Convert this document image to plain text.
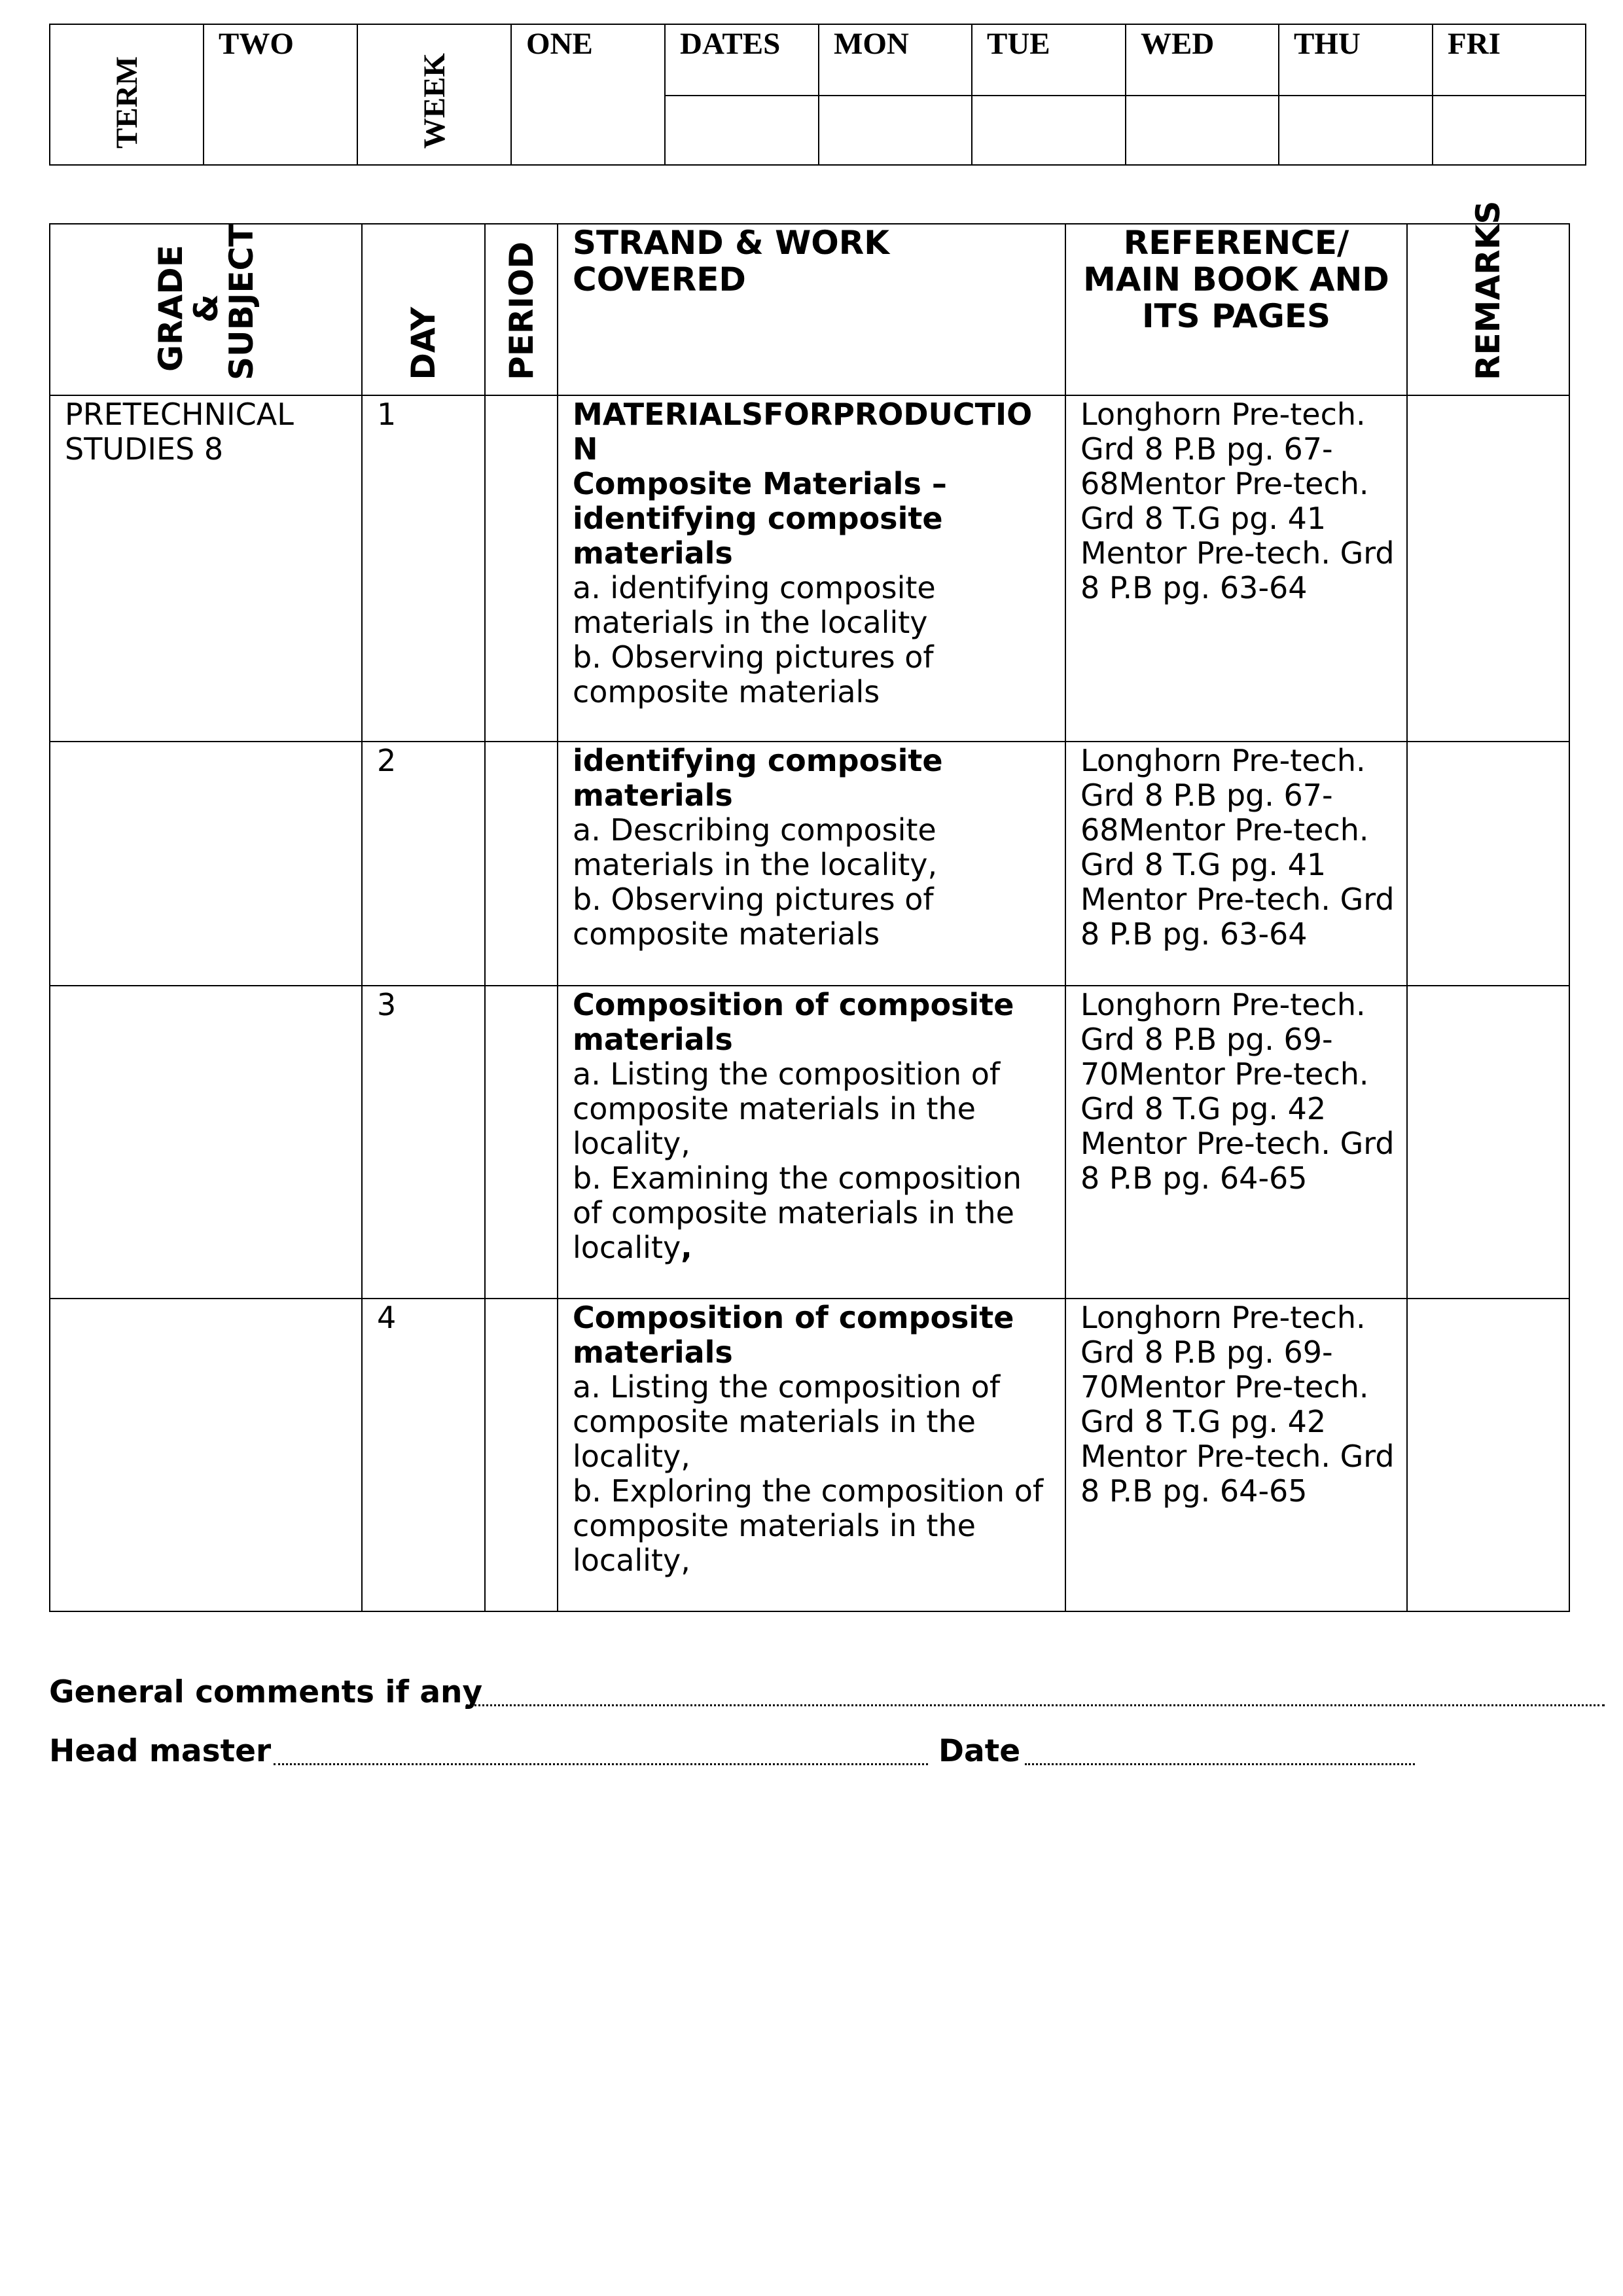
TERM	TWO	WEEK	ONE	DATES	MON	TUE	WED	THU	FRI

GRADE & SUBJECT	DAY	PERIOD	STRAND & WORK COVERED	REFERENCE/ MAIN BOOK AND ITS PAGES	REMARKS

PRETECHNICAL STUDIES 8	1		MATERIALSFORPRODUCTION
Composite Materials – identifying composite materials
a. identifying composite materials in the locality
b. Observing pictures of composite materials	Longhorn Pre-tech. Grd 8 P.B pg. 67-68Mentor Pre-tech. Grd 8 T.G pg. 41 Mentor Pre-tech. Grd 8 P.B pg. 63-64	
	2		identifying composite materials
a. Describing composite materials in the locality,
b. Observing pictures of composite materials	Longhorn Pre-tech. Grd 8 P.B pg. 67-68Mentor Pre-tech. Grd 8 T.G pg. 41 Mentor Pre-tech. Grd 8 P.B pg. 63-64	
	3		Composition of composite materials
a. Listing the composition of composite materials in the locality,
b. Examining the composition of composite materials in the locality,	Longhorn Pre-tech. Grd 8 P.B pg. 69-70Mentor Pre-tech. Grd 8 T.G pg. 42 Mentor Pre-tech. Grd 8 P.B pg. 64-65	
	4		Composition of composite materials
a. Listing the composition of composite materials in the locality,
b. Exploring the composition of composite materials in the locality,	Longhorn Pre-tech. Grd 8 P.B pg. 69-70Mentor Pre-tech. Grd 8 T.G pg. 42 Mentor Pre-tech. Grd 8 P.B pg. 64-65	
General comments if any
Head master	Date
